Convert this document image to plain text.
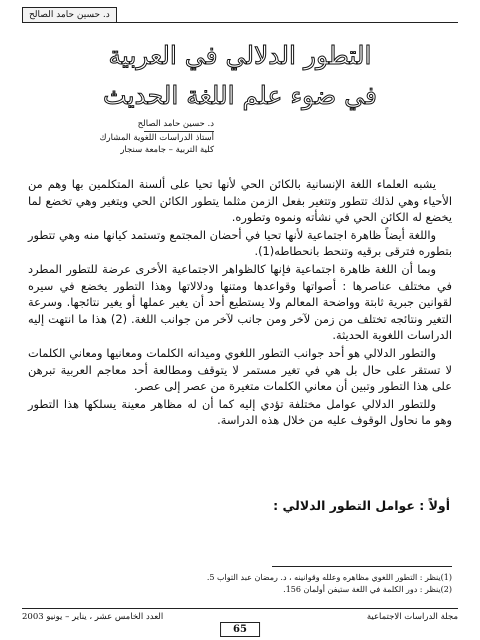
د. حسين حامد الصالح
التطور الدلالي في العربية
في ضوء علم اللغة الحديث
د. حسين حامد الصالح
أستاذ الدراسات اللغوية المشارك
كلية التربية – جامعة سنجار

يشبه العلماء اللغة الإنسانية بالكائن الحي لأنها تحيا على ألسنة المتكلمين بها وهم من الأحياء وهي لذلك تتطور وتتغير بفعل الزمن مثلما يتطور الكائن الحي ويتغير وهي تخضع لما يخضع له الكائن الحي في نشأته ونموه وتطوره.

واللغة أيضاً ظاهرة اجتماعية لأنها تحيا في أحضان المجتمع وتستمد كيانها منه وهي تتطور بتطوره فترقى برقيه وتنحط بانحطاطه(1).

وبما أن اللغة ظاهرة اجتماعية فإنها كالظواهر الاجتماعية الأخرى عرضة للتطور المطرد في مختلف عناصرها : أصواتها وقواعدها ومتنها ودلالاتها وهذا التطور يخضع في سيره لقوانين جبرية ثابتة وواضحة المعالم ولا يستطيع أحد أن يغير عملها أو يغير نتائجها. وسرعة التغير ونتائجه تختلف من زمن لآخر ومن جانب لآخر من جوانب اللغة. (2) هذا ما انتهت إليه الدراسات اللغوية الحديثة.

والتطور الدلالي هو أحد جوانب التطور اللغوي وميدانه الكلمات ومعانيها ومعاني الكلمات لا تستقر على حال بل هي في تغير مستمر لا يتوقف ومطالعة أحد معاجم العربية تبرهن على هذا التطور وتبين أن معاني الكلمات متغيرة من عصر إلى عصر.

وللتطور الدلالي عوامل مختلفة تؤدي إليه كما أن له مظاهر معينة يسلكها هذا التطور وهو ما نحاول الوقوف عليه من خلال هذه الدراسة.

أولاً : عوامل التطور الدلالي :
(1)ينظر : التطور اللغوي مظاهره وعلله وقوانينه ، د. رمضان عبد التواب 5.
(2)ينظر : دور الكلمة في اللغة ستيفن أولمان 156.
مجلة الدراسات الاجتماعية
العدد الخامس عشر ، يناير – يونيو 2003
65
